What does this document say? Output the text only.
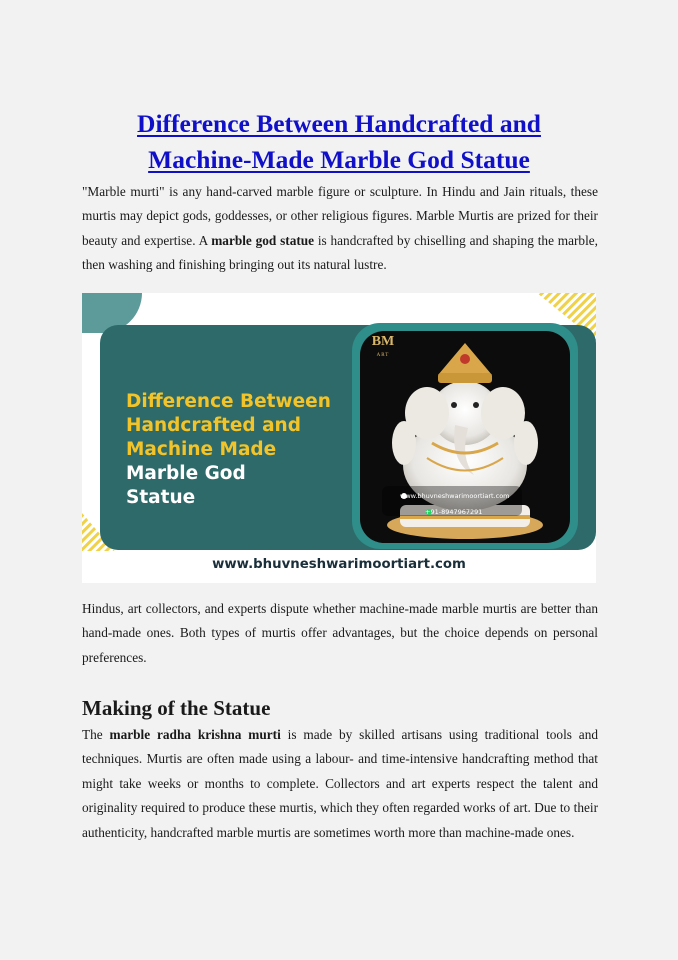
Difference Between Handcrafted and
Machine-Made Marble God Statue

"Marble murti" is any hand-carved marble figure or sculpture. In Hindu and Jain rituals, these murtis may depict gods, goddesses, or other religious figures. Marble Murtis are prized for their beauty and expertise. A marble god statue is handcrafted by chiselling and shaping the marble, then washing and finishing bringing out its natural lustre.

BM
ART
Difference Between
Handcrafted and
Machine Made
Marble God
Statue	www.bhuvneshwarimoortiart.com
+91-8947967291
www.bhuvneshwarimoortiart.com

Hindus, art collectors, and experts dispute whether machine-made marble murtis are better than hand-made ones. Both types of murtis offer advantages, but the choice depends on personal preferences.

Making of the Statue

The marble radha krishna murti is made by skilled artisans using traditional tools and techniques. Murtis are often made using a labour- and time-intensive handcrafting method that might take weeks or months to complete. Collectors and art experts respect the talent and originality required to produce these murtis, which they often regarded works of art. Due to their authenticity, handcrafted marble murtis are sometimes worth more than machine-made ones.
